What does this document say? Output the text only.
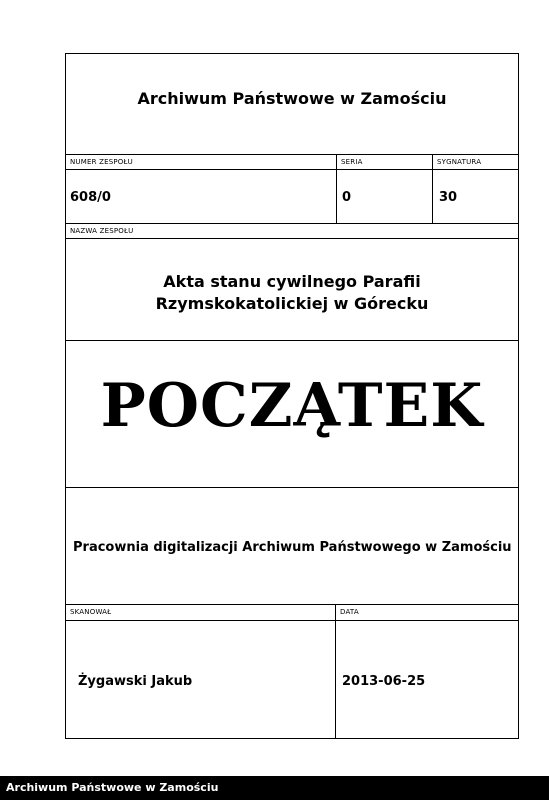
Archiwum Państwowe w Zamościu
NUMER ZESPOŁU	SERIA	SYGNATURA
608/0	0	30
NAZWA ZESPOŁU
Akta stanu cywilnego Parafii
Rzymskokatolickiej w Górecku
POCZĄTEK
Pracownia digitalizacji Archiwum Państwowego w Zamościu
SKANOWAŁ	DATA
Żygawski Jakub	2013-06-25
Archiwum Państwowe w Zamościu
